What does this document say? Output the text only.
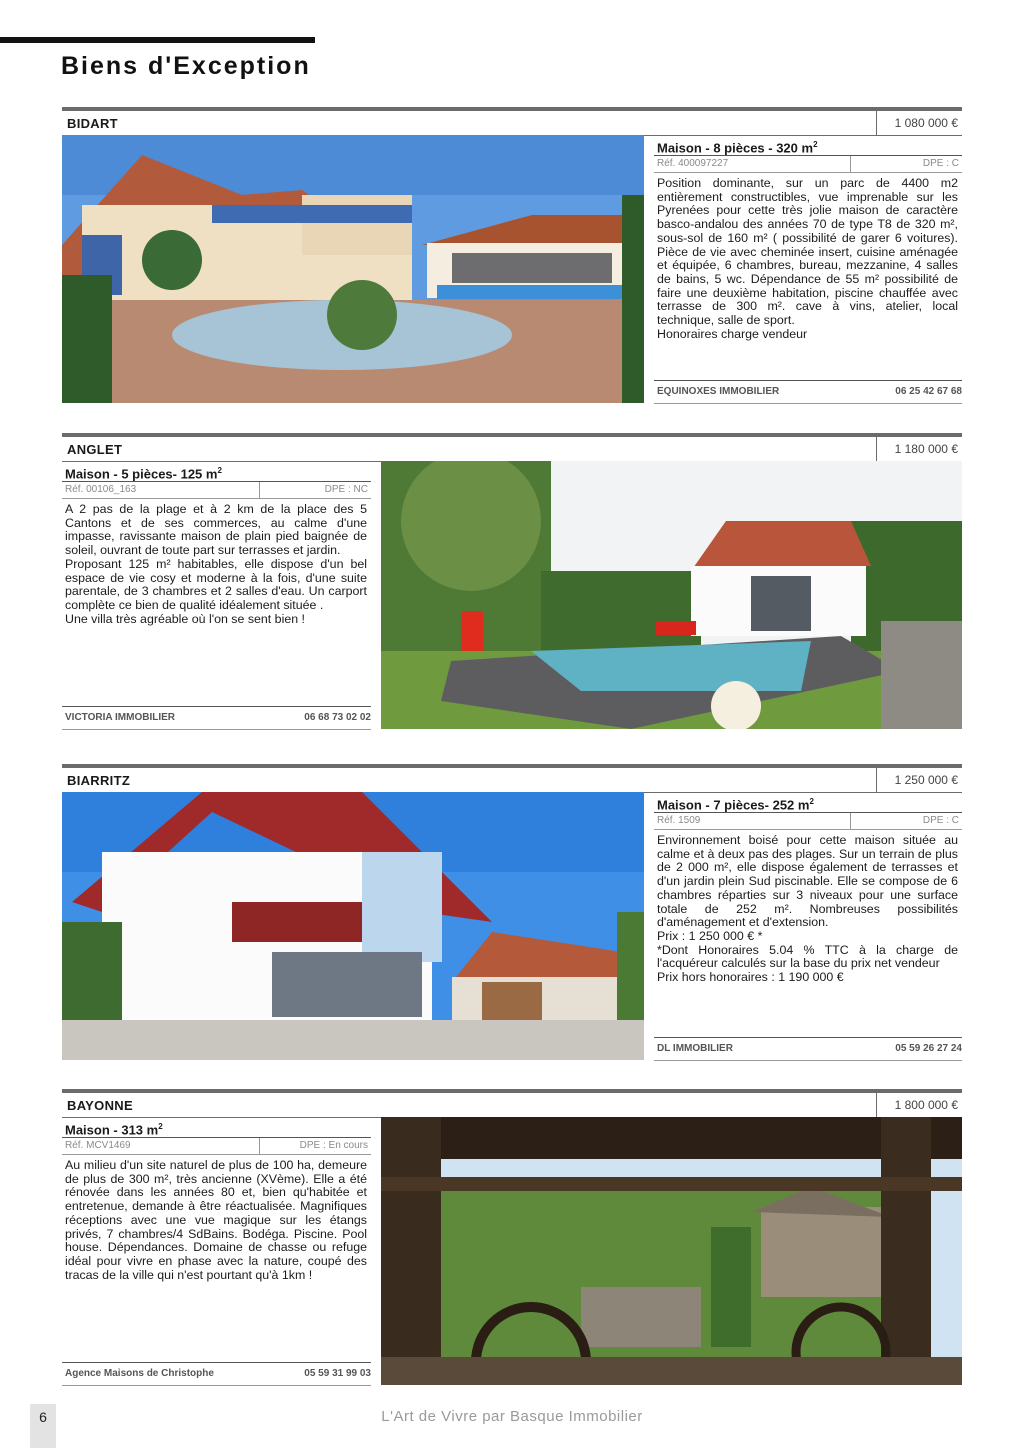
Biens d'Exception
BIDART	1 080 000 €
Maison - 8 pièces - 320 $m^2$
Réf. 400097227	DPE : C

Position dominante, sur un parc de 4400 m2 entièrement constructibles, vue imprenable sur les Pyrenées pour cette très jolie maison de caractère basco-andalou des années 70 de type T8 de 320 m², sous-sol de 160 m² ( possibilité de garer 6 voitures). Pièce de vie avec cheminée insert, cuisine aménagée et équipée, 6 chambres, bureau, mezzanine, 4 salles de bains, 5 wc. Dépendance de 55 m² possibilité de faire une deuxième habitation, piscine chauffée avec terrasse de 300 m². cave à vins, atelier, local technique, salle de sport.

Honoraires charge vendeur

EQUINOXES IMMOBILIER	06 25 42 67 68
ANGLET	1 180 000 €
Maison - 5 pièces- 125 $m^2$
Réf. 00106_163	DPE : NC

A 2 pas de la plage et à 2 km de la place des 5 Cantons et de ses commerces, au calme d'une impasse, ravissante maison de plain pied baignée de soleil, ouvrant de toute part sur terrasses et jardin.

Proposant 125 m² habitables, elle dispose d'un bel espace de vie cosy et moderne à la fois, d'une suite parentale, de 3 chambres et 2 salles d'eau. Un carport complète ce bien de qualité idéalement située .

Une villa très agréable où l'on se sent bien !

VICTORIA IMMOBILIER	06 68 73 02 02
BIARRITZ	1 250 000 €
Maison - 7 pièces- 252 $m^2$
Réf. 1509	DPE : C

Environnement boisé pour cette maison située au calme et à deux pas des plages. Sur un terrain de plus de 2 000 m², elle dispose également de terrasses et d'un jardin plein Sud piscinable. Elle se compose de 6 chambres réparties sur 3 niveaux pour une surface totale de 252 m². Nombreuses possibilités d'aménagement et d'extension.

Prix : 1 250 000 € *

*Dont Honoraires 5.04 % TTC à la charge de l'acquéreur calculés sur la base du prix net vendeur

Prix hors honoraires : 1 190 000 €

DL IMMOBILIER	05 59 26 27 24
BAYONNE	1 800 000 €
Maison - 313 $m^2$
Réf. MCV1469	DPE : En cours

Au milieu d'un site naturel de plus de 100 ha, demeure de plus de 300 m², très ancienne (XVème). Elle a été rénovée dans les années 80 et, bien qu'habitée et entretenue, demande à être réactualisée. Magnifiques réceptions avec une vue magique sur les étangs privés, 7 chambres/4 SdBains. Bodéga. Piscine. Pool house. Dépendances. Domaine de chasse ou refuge idéal pour vivre en phase avec la nature, coupé des tracas de la ville qui n'est pourtant qu'à 1km !

Agence Maisons de Christophe	05 59 31 99 03
6	L'Art de Vivre par Basque Immobilier
